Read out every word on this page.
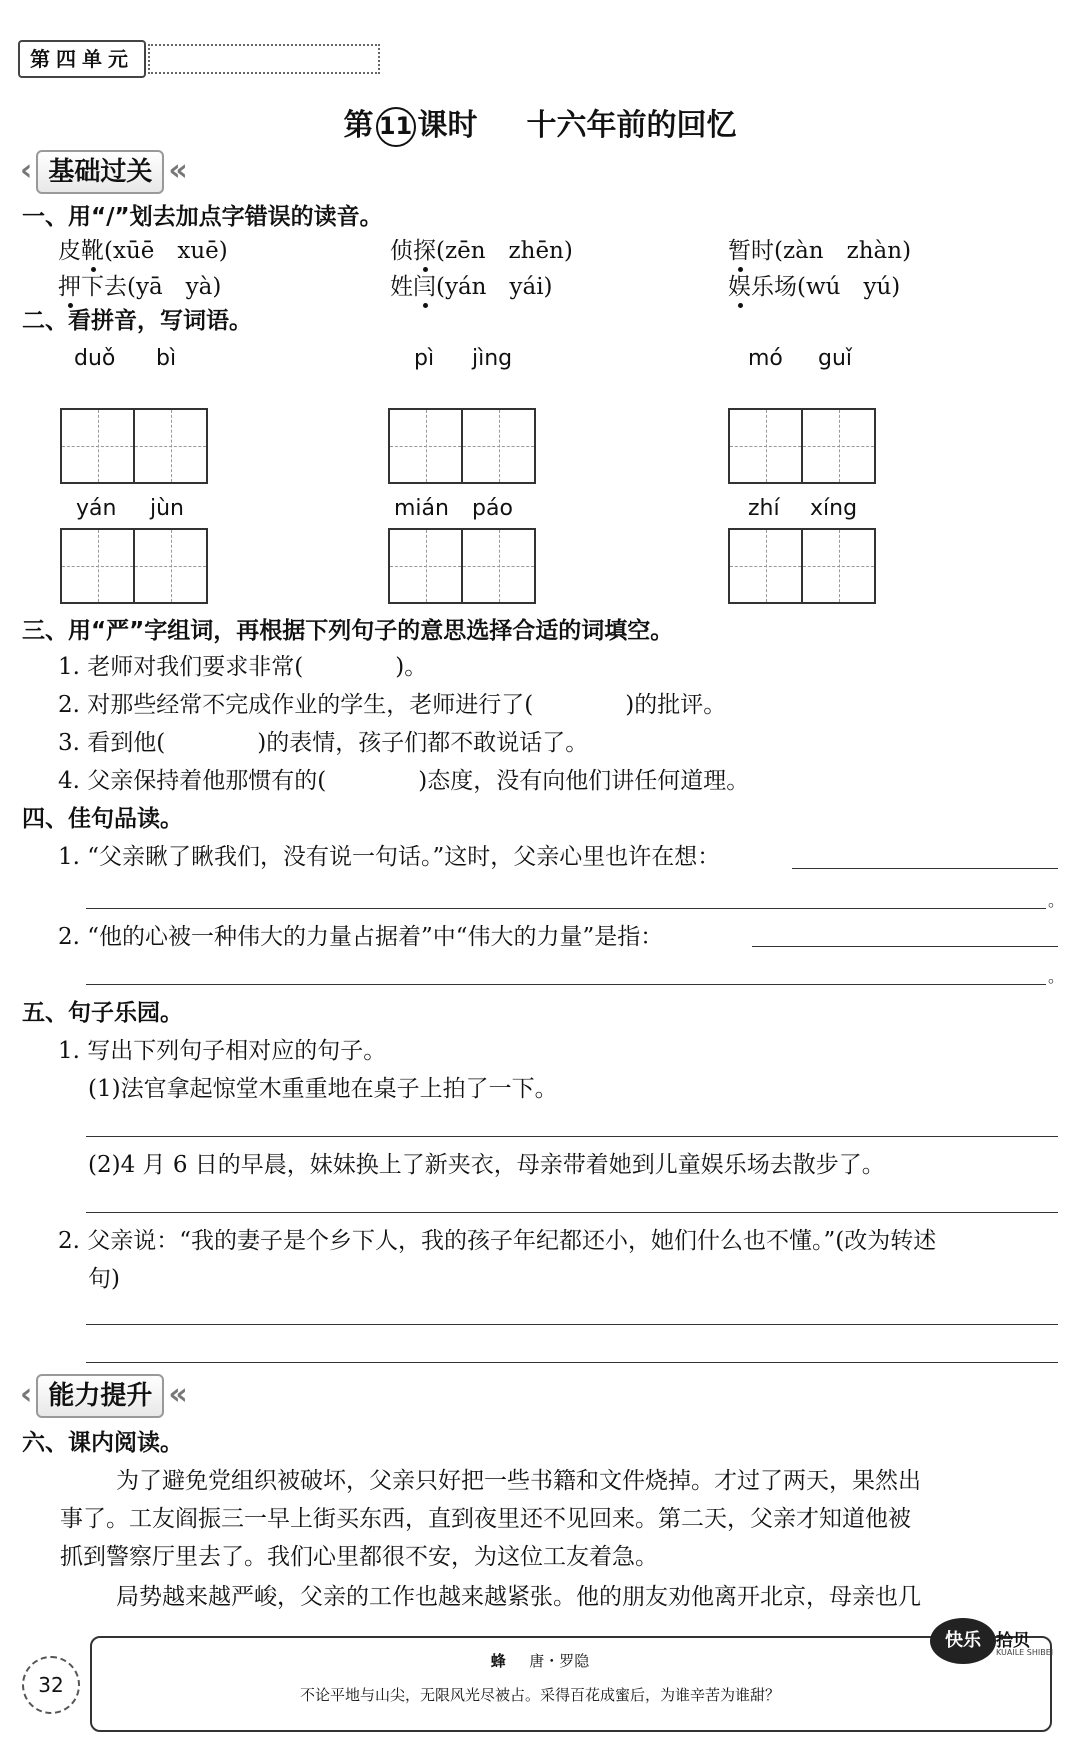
第四单元
第 11 课时 十六年前的回忆
‹ 基础过关 «
一、用“/”划去加点字错误的读音。
皮靴(xūē　xuē)	侦探(zēn　zhēn)	暂时(zàn　zhàn)
押下去(yā　yà)	姓闫(yán　yái)	娱乐场(wú　yú)
二、看拼音，写词语。
duǒ bì	pì jìng	mó guǐ
yán jùn	mián páo	zhí xíng
三、用“严”字组词，再根据下列句子的意思选择合适的词填空。
1. 老师对我们要求非常(　　　　)。
2. 对那些经常不完成作业的学生，老师进行了(　　　　)的批评。
3. 看到他(　　　　)的表情，孩子们都不敢说话了。
4. 父亲保持着他那惯有的(　　　　)态度，没有向他们讲任何道理。
四、佳句品读。
1. “父亲瞅了瞅我们，没有说一句话。”这时，父亲心里也许在想：
。
2. “他的心被一种伟大的力量占据着”中“伟大的力量”是指：
。
五、句子乐园。
1. 写出下列句子相对应的句子。
(1)法官拿起惊堂木重重地在桌子上拍了一下。
(2)4 月 6 日的早晨，妹妹换上了新夹衣，母亲带着她到儿童娱乐场去散步了。
2. 父亲说：“我的妻子是个乡下人，我的孩子年纪都还小，她们什么也不懂。”(改为转述
句)
‹ 能力提升 «
六、课内阅读。
为了避免党组织被破坏，父亲只好把一些书籍和文件烧掉。才过了两天，果然出
事了。工友阎振三一早上街买东西，直到夜里还不见回来。第二天，父亲才知道他被
抓到警察厅里去了。我们心里都很不安，为这位工友着急。
局势越来越严峻，父亲的工作也越来越紧张。他的朋友劝他离开北京，母亲也几
32
蜂 唐・罗隐
不论平地与山尖，无限风光尽被占。采得百花成蜜后，为谁辛苦为谁甜？
快乐 拾贝
KUAILE SHIBEI
